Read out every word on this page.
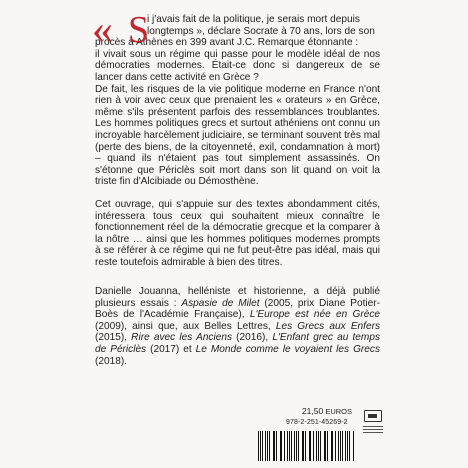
« S
i j'avais fait de la politique, je serais mort depuis
longtemps », déclare Socrate à 70 ans, lors de son
procès à Athènes en 399 avant J.C. Remarque étonnante :
il vivait sous un régime qui passe pour le modèle idéal de nos démocraties modernes. Était-ce donc si dangereux de se lancer dans cette activité en Grèce ?

De fait, les risques de la vie politique moderne en France n'ont rien à voir avec ceux que prenaient les « orateurs » en Grèce, même s'ils présentent parfois des ressemblances troublantes. Les hommes politiques grecs et surtout athéniens ont connu un incroyable harcèlement judiciaire, se terminant souvent très mal (perte des biens, de la citoyenneté, exil, condamnation à mort) – quand ils n'étaient pas tout simplement assassinés. On s'étonne que Périclès soit mort dans son lit quand on voit la triste fin d'Alcibiade ou Démosthène.

Cet ouvrage, qui s'appuie sur des textes abondamment cités, intéressera tous ceux qui souhaitent mieux connaître le fonctionnement réel de la démocratie grecque et la comparer à la nôtre … ainsi que les hommes politiques modernes prompts à se référer à ce régime qui ne fut peut-être pas idéal, mais qui reste toutefois admirable à bien des titres.

Danielle Jouanna, helléniste et historienne, a déjà publié plusieurs essais : Aspasie de Milet (2005, prix Diane Potier-Boès de l'Académie Française), L'Europe est née en Grèce (2009), ainsi que, aux Belles Lettres, Les Grecs aux Enfers (2015), Rire avec les Anciens (2016), L'Enfant grec au temps de Périclès (2017) et Le Monde comme le voyaient les Grecs (2018).

21,50 EUROS
978-2-251-45269-2
